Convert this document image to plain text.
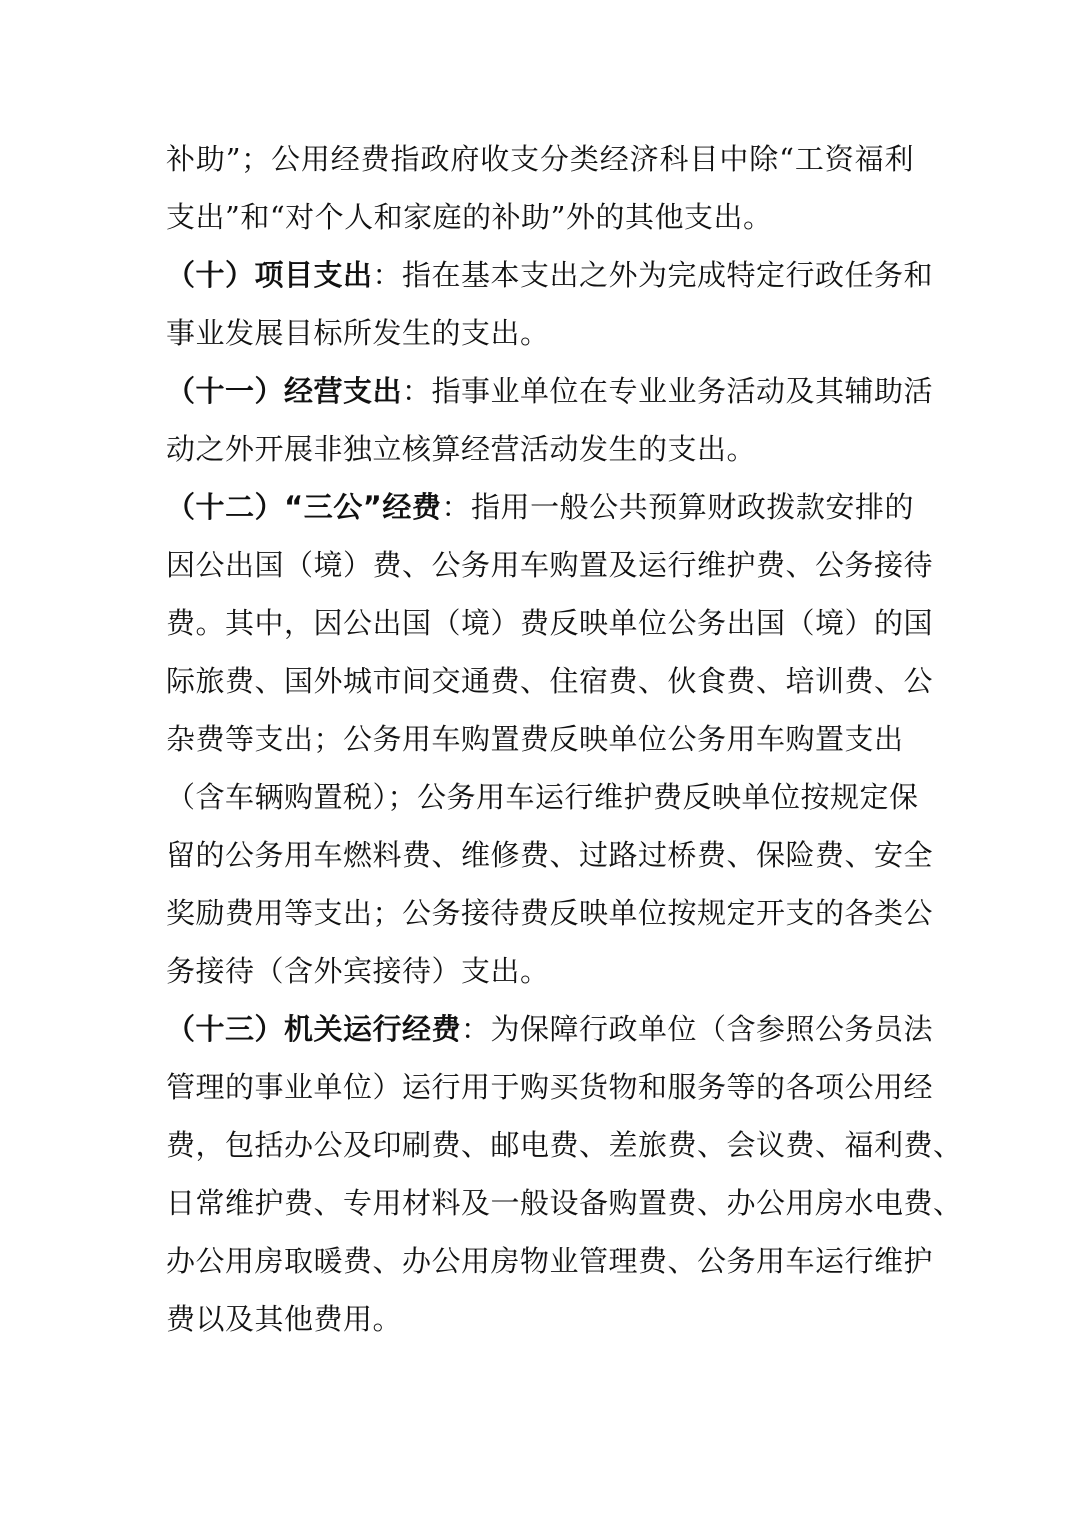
补助”；公用经费指政府收支分类经济科目中除“工资福利
支出”和“对个人和家庭的补助”外的其他支出。
（十）项目支出：指在基本支出之外为完成特定行政任务和
事业发展目标所发生的支出。
（十一）经营支出：指事业单位在专业业务活动及其辅助活
动之外开展非独立核算经营活动发生的支出。
（十二）“三公”经费：指用一般公共预算财政拨款安排的
因公出国（境）费、公务用车购置及运行维护费、公务接待
费。其中，因公出国（境）费反映单位公务出国（境）的国
际旅费、国外城市间交通费、住宿费、伙食费、培训费、公
杂费等支出；公务用车购置费反映单位公务用车购置支出
（含车辆购置税）；公务用车运行维护费反映单位按规定保
留的公务用车燃料费、维修费、过路过桥费、保险费、安全
奖励费用等支出；公务接待费反映单位按规定开支的各类公
务接待（含外宾接待）支出。
（十三）机关运行经费：为保障行政单位（含参照公务员法
管理的事业单位）运行用于购买货物和服务等的各项公用经
费，包括办公及印刷费、邮电费、差旅费、会议费、福利费、
日常维护费、专用材料及一般设备购置费、办公用房水电费、
办公用房取暖费、办公用房物业管理费、公务用车运行维护
费以及其他费用。
